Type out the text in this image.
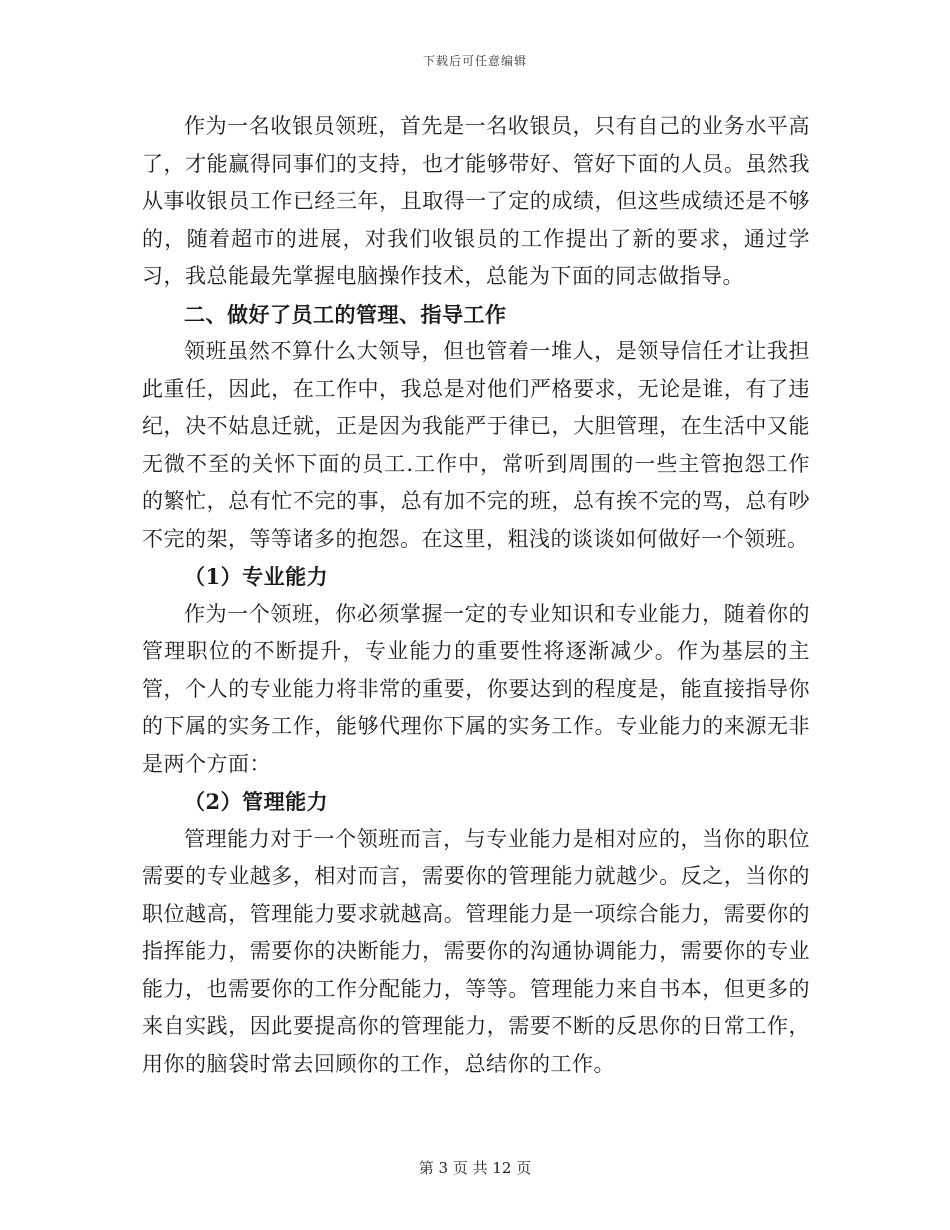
下载后可任意编辑

作为一名收银员领班，首先是一名收银员，只有自己的业务水平高了，才能赢得同事们的支持，也才能够带好、管好下面的人员。虽然我从事收银员工作已经三年，且取得一了定的成绩，但这些成绩还是不够的，随着超市的进展，对我们收银员的工作提出了新的要求，通过学习，我总能最先掌握电脑操作技术，总能为下面的同志做指导。

二、做好了员工的管理、指导工作

领班虽然不算什么大领导，但也管着一堆人，是领导信任才让我担此重任，因此，在工作中，我总是对他们严格要求，无论是谁，有了违纪，决不姑息迁就，正是因为我能严于律已，大胆管理，在生活中又能无微不至的关怀下面的员工.工作中，常听到周围的一些主管抱怨工作的繁忙，总有忙不完的事，总有加不完的班，总有挨不完的骂，总有吵不完的架，等等诸多的抱怨。在这里，粗浅的谈谈如何做好一个领班。

（1）专业能力

作为一个领班，你必须掌握一定的专业知识和专业能力，随着你的管理职位的不断提升，专业能力的重要性将逐渐减少。作为基层的主管，个人的专业能力将非常的重要，你要达到的程度是，能直接指导你的下属的实务工作，能够代理你下属的实务工作。专业能力的来源无非是两个方面：

（2）管理能力

管理能力对于一个领班而言，与专业能力是相对应的，当你的职位需要的专业越多，相对而言，需要你的管理能力就越少。反之，当你的职位越高，管理能力要求就越高。管理能力是一项综合能力，需要你的指挥能力，需要你的决断能力，需要你的沟通协调能力，需要你的专业能力，也需要你的工作分配能力，等等。管理能力来自书本，但更多的来自实践，因此要提高你的管理能力，需要不断的反思你的日常工作，用你的脑袋时常去回顾你的工作，总结你的工作。

第 3 页 共 12 页
